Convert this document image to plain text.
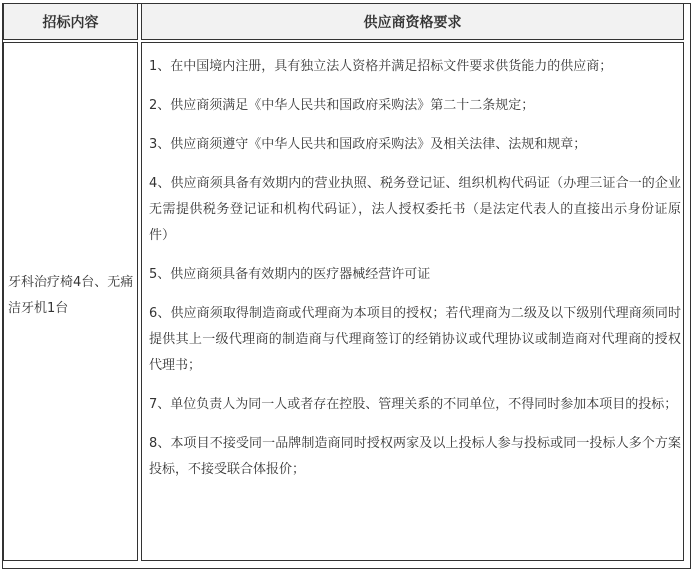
招标内容	供应商资格要求
牙科治疗椅4台、无痛洁牙机1台
1、在中国境内注册，具有独立法人资格并满足招标文件要求供货能力的供应商；
2、供应商须满足《中华人民共和国政府采购法》第二十二条规定；
3、供应商须遵守《中华人民共和国政府采购法》及相关法律、法规和规章；
4、供应商须具备有效期内的营业执照、税务登记证、组织机构代码证（办理三证合一的企业无需提供税务登记证和机构代码证），法人授权委托书（是法定代表人的直接出示身份证原件）
5、供应商须具备有效期内的医疗器械经营许可证
6、供应商须取得制造商或代理商为本项目的授权；若代理商为二级及以下级别代理商须同时提供其上一级代理商的制造商与代理商签订的经销协议或代理协议或制造商对代理商的授权代理书；
7、单位负责人为同一人或者存在控股、管理关系的不同单位，不得同时参加本项目的投标；
8、本项目不接受同一品牌制造商同时授权两家及以上投标人参与投标或同一投标人多个方案投标，不接受联合体报价；
